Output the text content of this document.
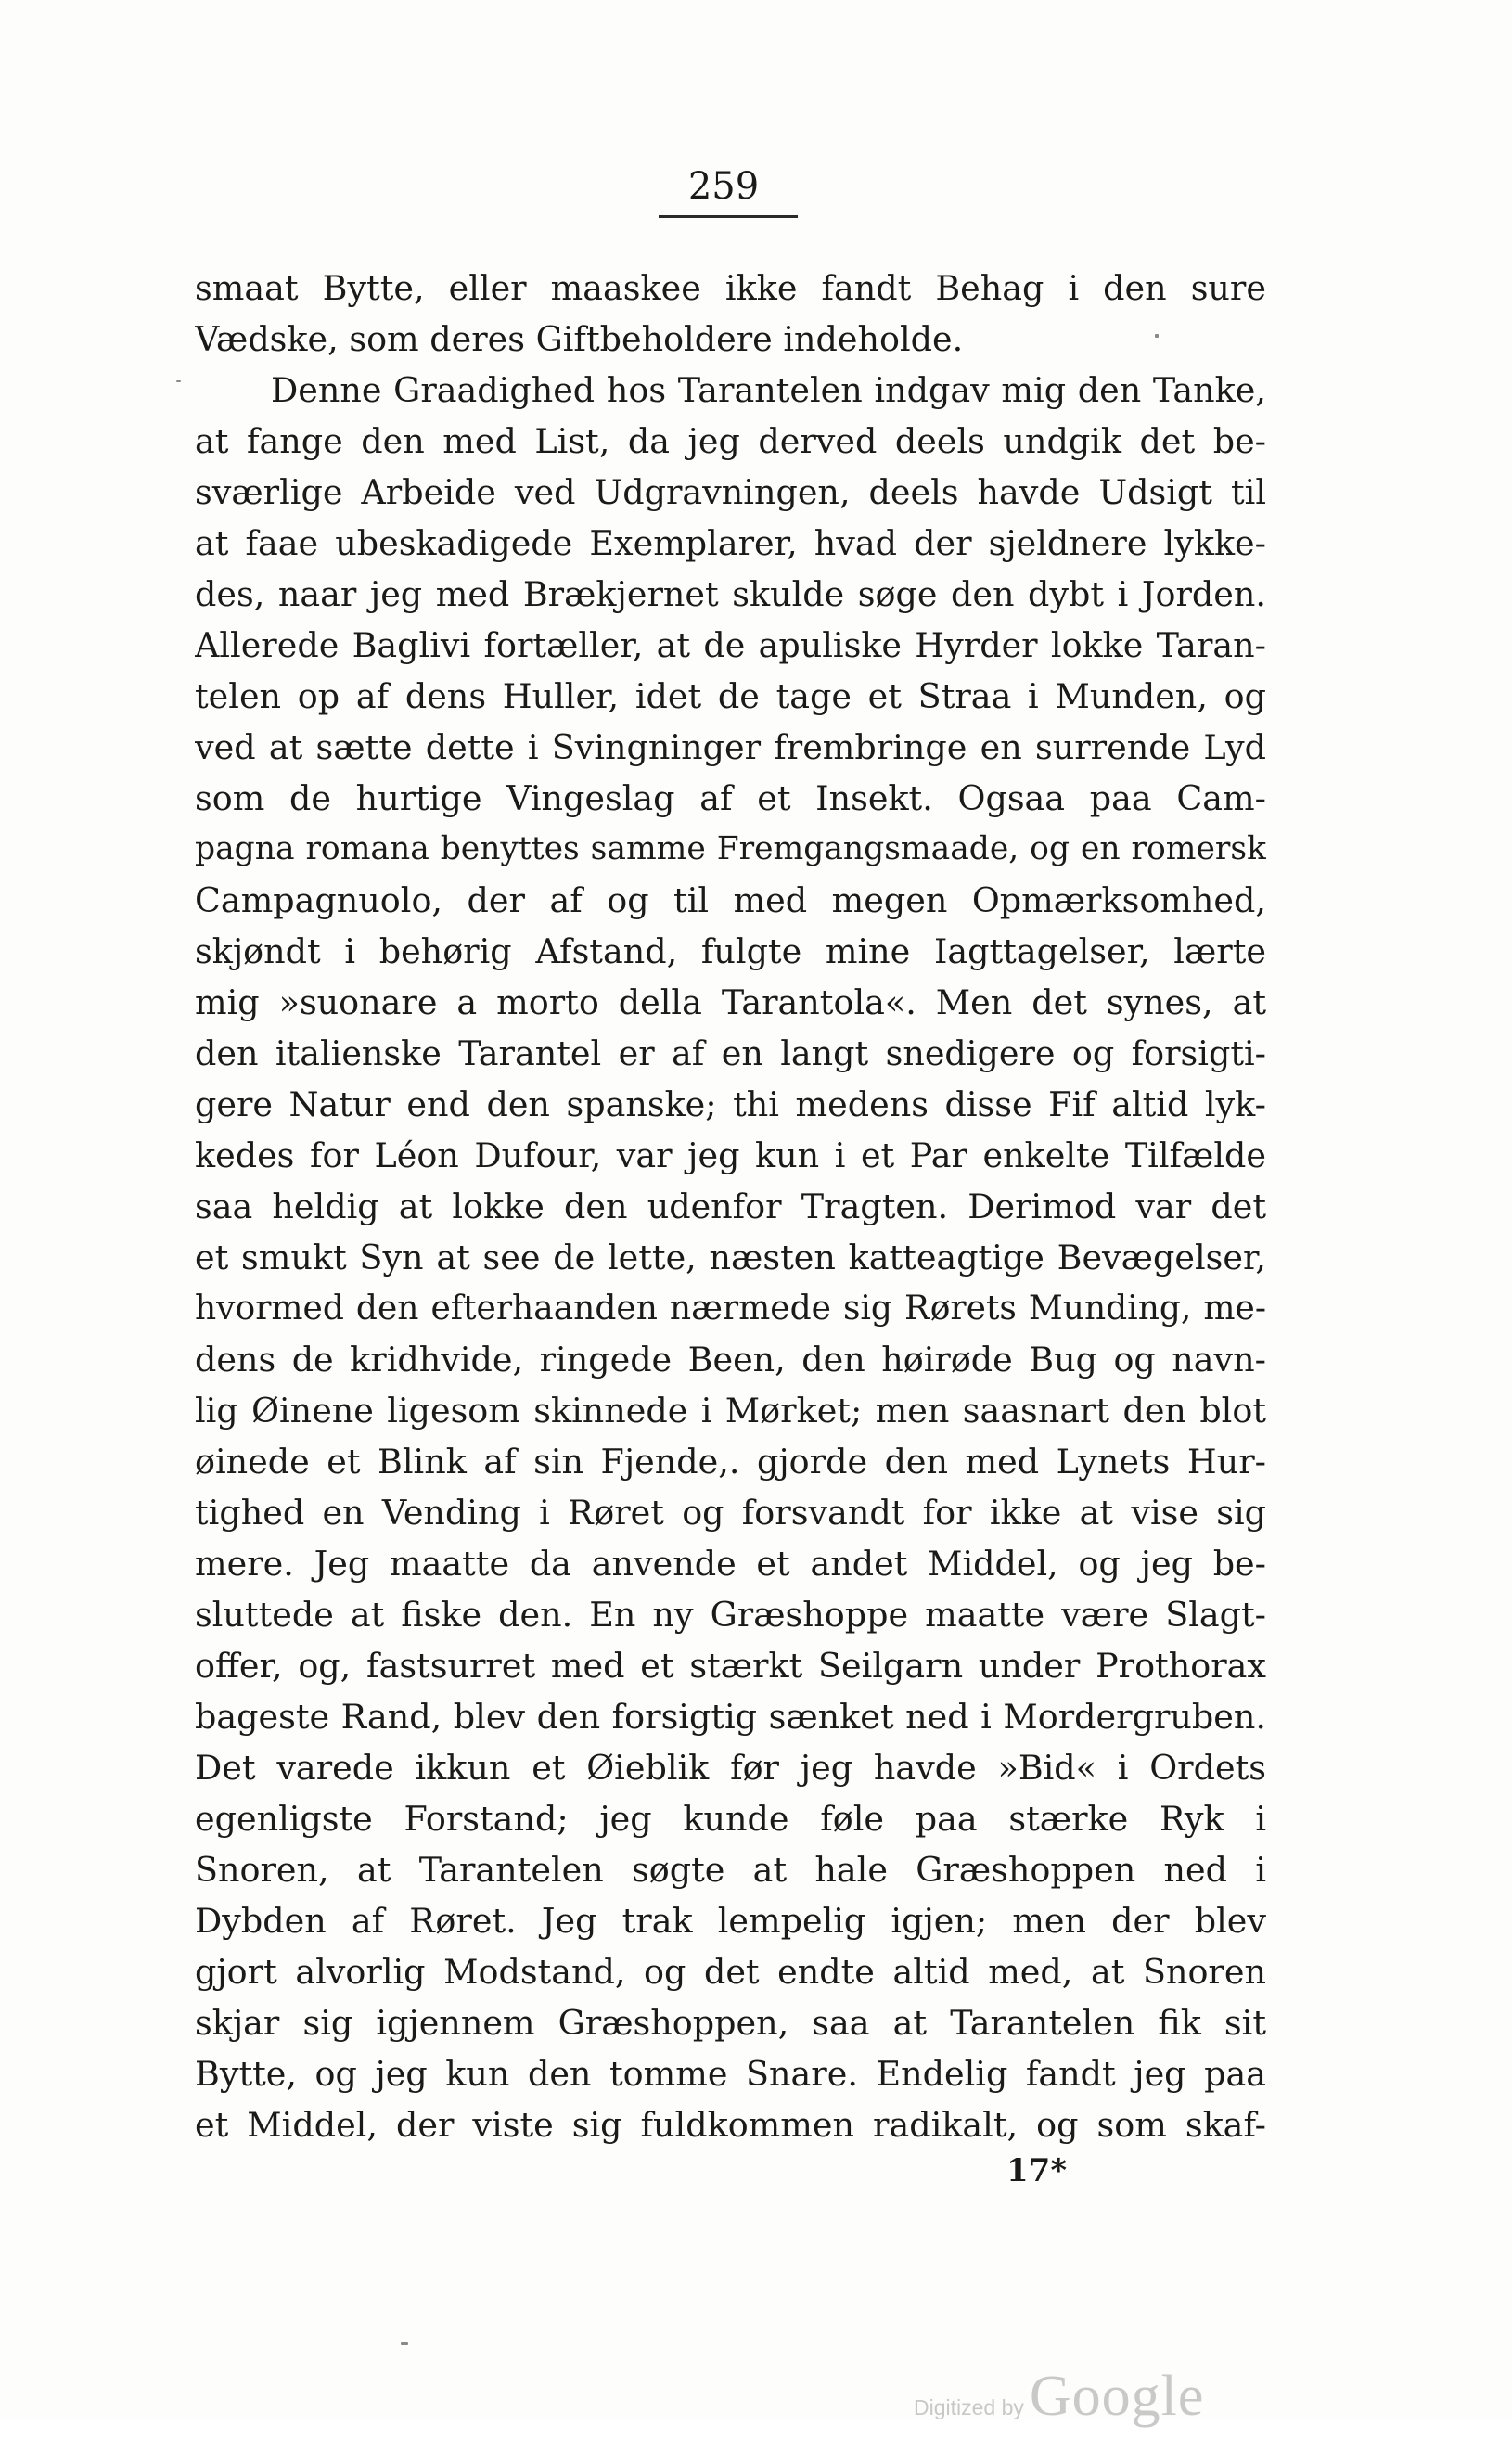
259
smaat Bytte, eller maaskee ikke fandt Behag i den sure
Vædske, som deres Giftbeholdere indeholde.
Denne Graadighed hos Tarantelen indgav mig den Tanke,
at fange den med List, da jeg derved deels undgik det be-
sværlige Arbeide ved Udgravningen, deels havde Udsigt til
at faae ubeskadigede Exemplarer, hvad der sjeldnere lykke-
des, naar jeg med Brækjernet skulde søge den dybt i Jorden.
Allerede Baglivi fortæller, at de apuliske Hyrder lokke Taran-
telen op af dens Huller, idet de tage et Straa i Munden, og
ved at sætte dette i Svingninger frembringe en surrende Lyd
som de hurtige Vingeslag af et Insekt. Ogsaa paa Cam-
pagna romana benyttes samme Fremgangsmaade, og en romersk
Campagnuolo, der af og til med megen Opmærksomhed,
skjøndt i behørig Afstand, fulgte mine Iagttagelser, lærte
mig »suonare a morto della Tarantola«. Men det synes, at
den italienske Tarantel er af en langt snedigere og forsigti-
gere Natur end den spanske; thi medens disse Fif altid lyk-
kedes for Léon Dufour, var jeg kun i et Par enkelte Tilfælde
saa heldig at lokke den udenfor Tragten. Derimod var det
et smukt Syn at see de lette, næsten katteagtige Bevægelser,
hvormed den efterhaanden nærmede sig Rørets Munding, me-
dens de kridhvide, ringede Been, den høirøde Bug og navn-
lig Øinene ligesom skinnede i Mørket; men saasnart den blot
øinede et Blink af sin Fjende,. gjorde den med Lynets Hur-
tighed en Vending i Røret og forsvandt for ikke at vise sig
mere. Jeg maatte da anvende et andet Middel, og jeg be-
sluttede at fiske den. En ny Græshoppe maatte være Slagt-
offer, og, fastsurret med et stærkt Seilgarn under Prothorax
bageste Rand, blev den forsigtig sænket ned i Mordergruben.
Det varede ikkun et Øieblik før jeg havde »Bid« i Ordets
egenligste Forstand; jeg kunde føle paa stærke Ryk i
Snoren, at Tarantelen søgte at hale Græshoppen ned i
Dybden af Røret. Jeg trak lempelig igjen; men der blev
gjort alvorlig Modstand, og det endte altid med, at Snoren
skjar sig igjennem Græshoppen, saa at Tarantelen fik sit
Bytte, og jeg kun den tomme Snare. Endelig fandt jeg paa
et Middel, der viste sig fuldkommen radikalt, og som skaf-
17*
Digitized by Google
